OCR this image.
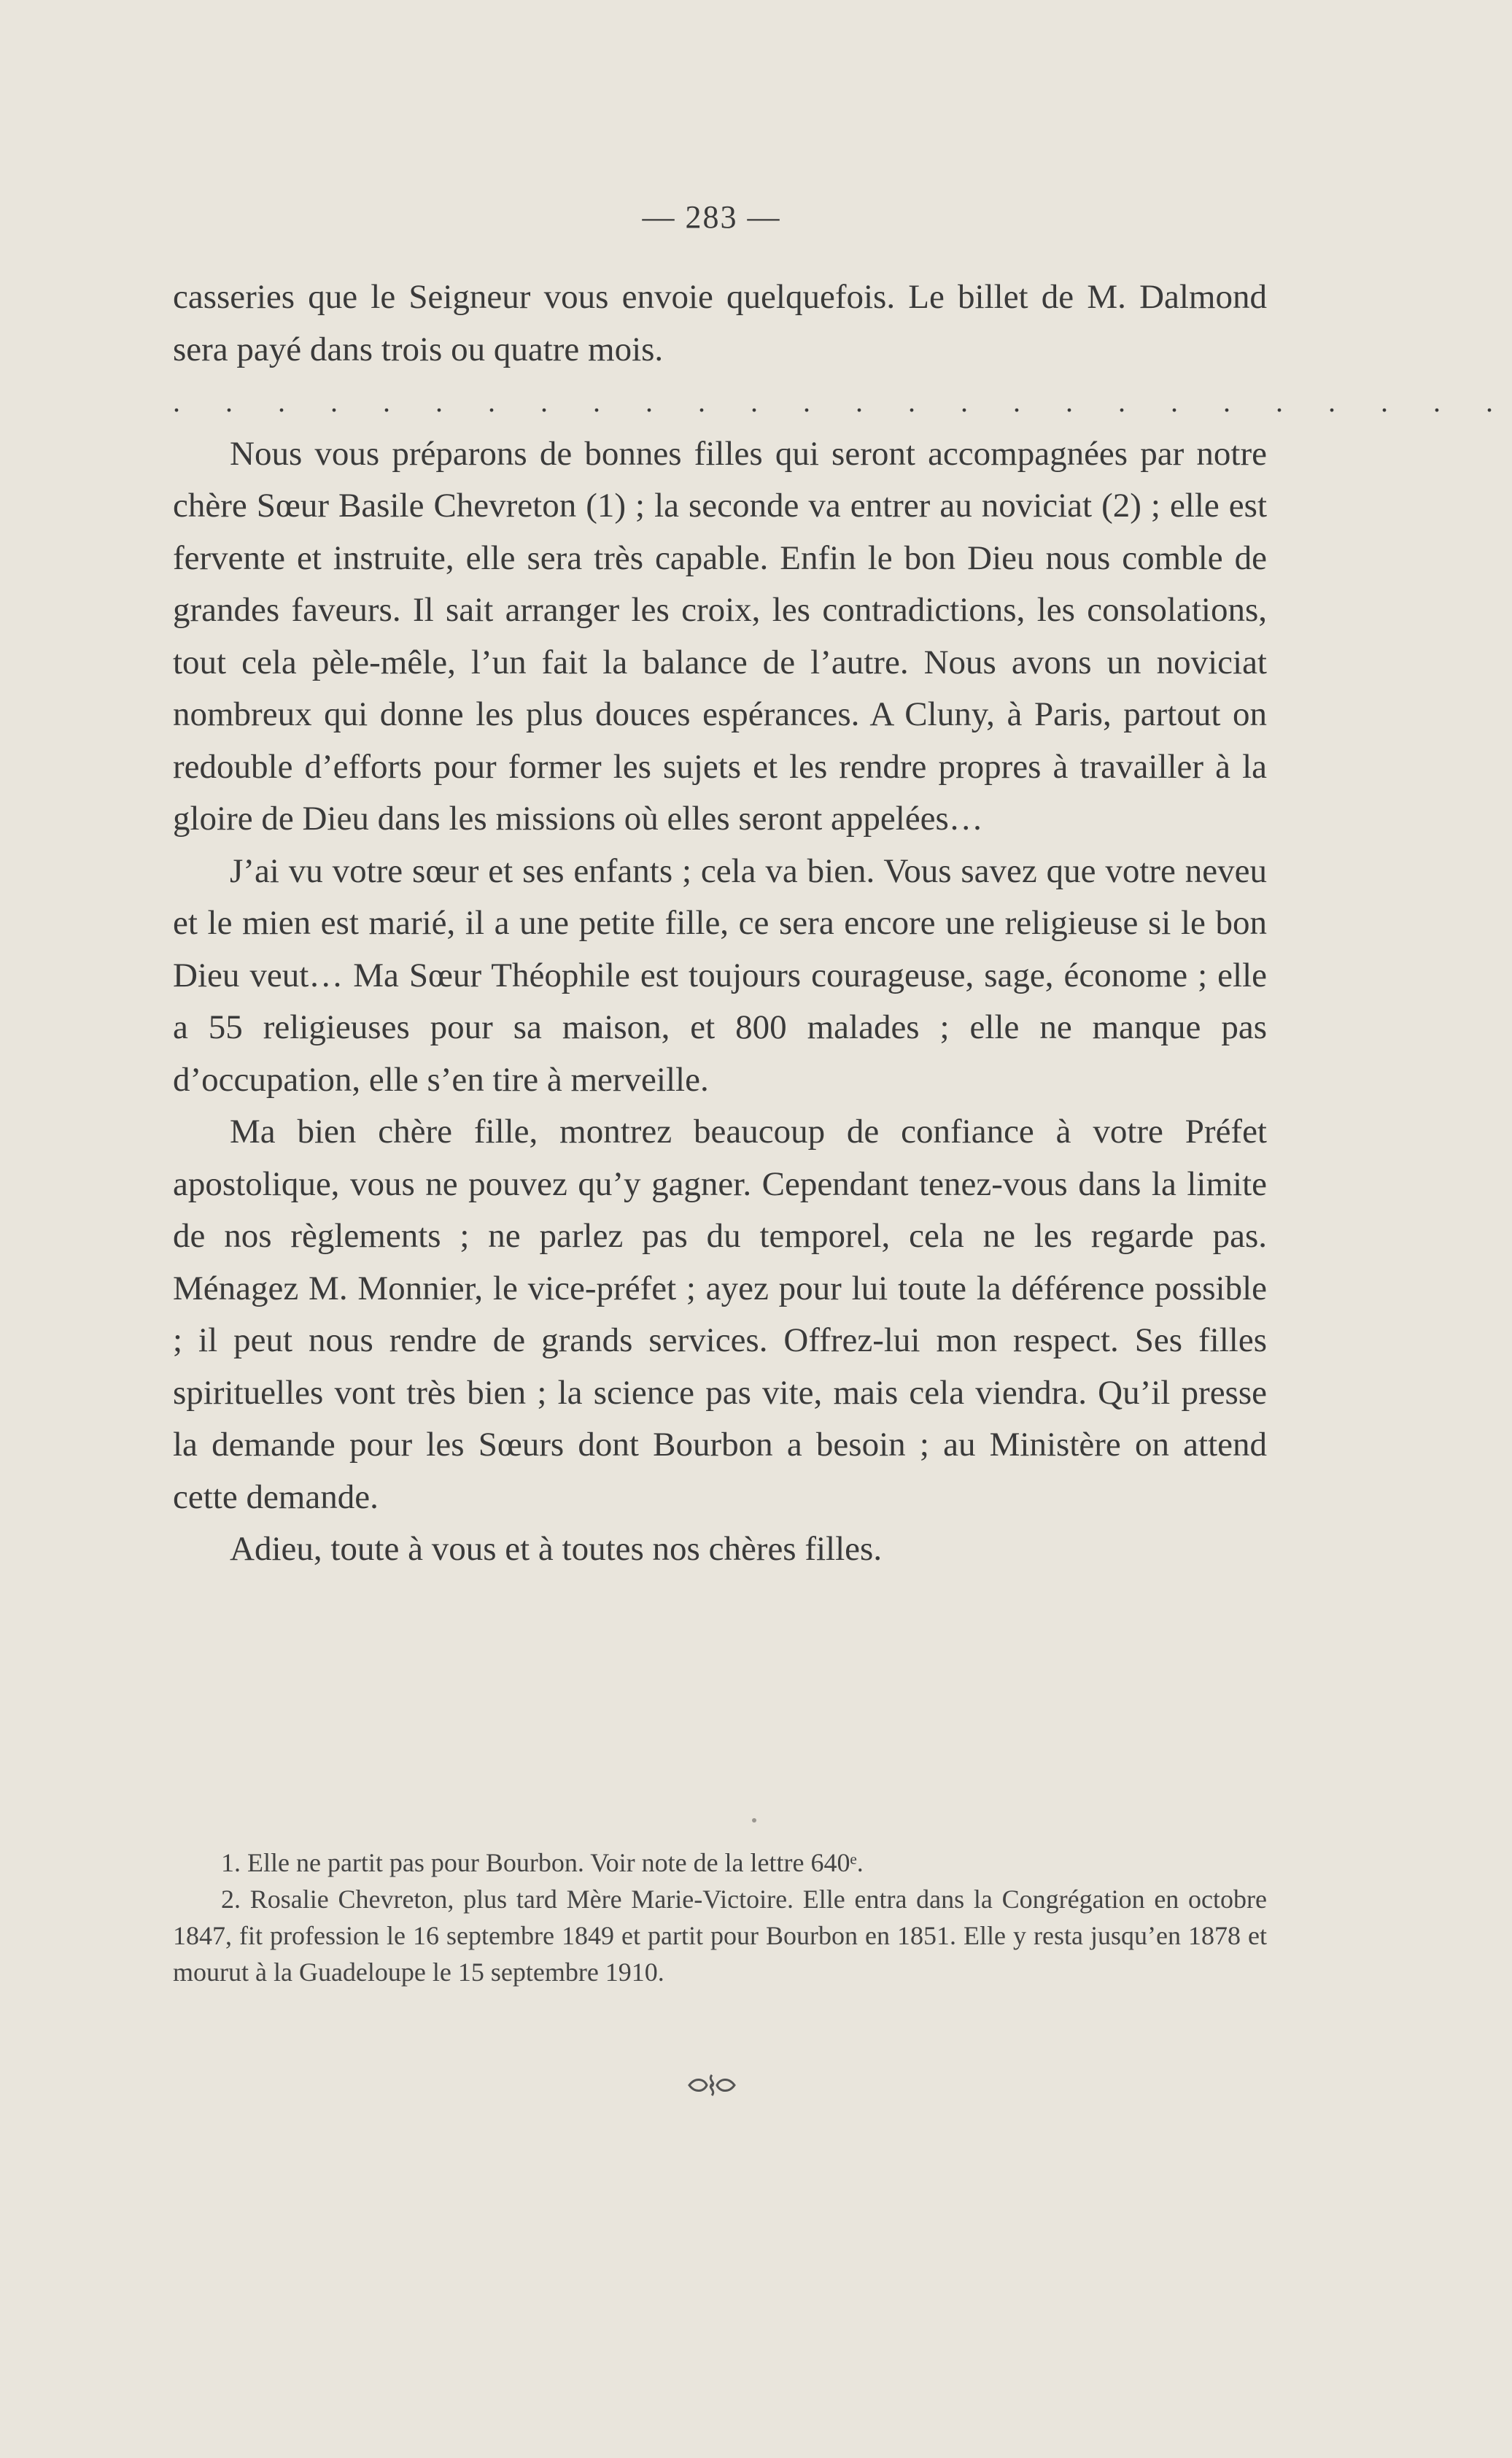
— 283 —

casseries que le Seigneur vous envoie quelquefois. Le billet de M. Dalmond sera payé dans trois ou quatre mois.

. . . . . . . . . . . . . . . . . . . . . . . . . .

Nous vous préparons de bonnes filles qui seront accompagnées par notre chère Sœur Basile Chevreton (1) ; la seconde va entrer au noviciat (2) ; elle est fervente et instruite, elle sera très capable. Enfin le bon Dieu nous comble de grandes faveurs. Il sait arranger les croix, les contradictions, les consolations, tout cela pèle-mêle, l’un fait la balance de l’autre. Nous avons un noviciat nombreux qui donne les plus douces espérances. A Cluny, à Paris, partout on redouble d’efforts pour former les sujets et les rendre propres à travailler à la gloire de Dieu dans les missions où elles seront appelées…

J’ai vu votre sœur et ses enfants ; cela va bien. Vous savez que votre neveu et le mien est marié, il a une petite fille, ce sera encore une religieuse si le bon Dieu veut… Ma Sœur Théophile est toujours courageuse, sage, économe ; elle a 55 religieuses pour sa maison, et 800 malades ; elle ne manque pas d’occupation, elle s’en tire à merveille.

Ma bien chère fille, montrez beaucoup de confiance à votre Préfet apostolique, vous ne pouvez qu’y gagner. Cependant tenez-vous dans la limite de nos règlements ; ne parlez pas du temporel, cela ne les regarde pas. Ménagez M. Monnier, le vice-préfet ; ayez pour lui toute la déférence possible ; il peut nous rendre de grands services. Offrez-lui mon respect. Ses filles spirituelles vont très bien ; la science pas vite, mais cela viendra. Qu’il presse la demande pour les Sœurs dont Bourbon a besoin ; au Ministère on attend cette demande.

Adieu, toute à vous et à toutes nos chères filles.

1. Elle ne partit pas pour Bourbon. Voir note de la lettre 640ᵉ.

2. Rosalie Chevreton, plus tard Mère Marie-Victoire. Elle entra dans la Congrégation en octobre 1847, fit profession le 16 septembre 1849 et partit pour Bourbon en 1851. Elle y resta jusqu’en 1878 et mourut à la Guadeloupe le 15 septembre 1910.
